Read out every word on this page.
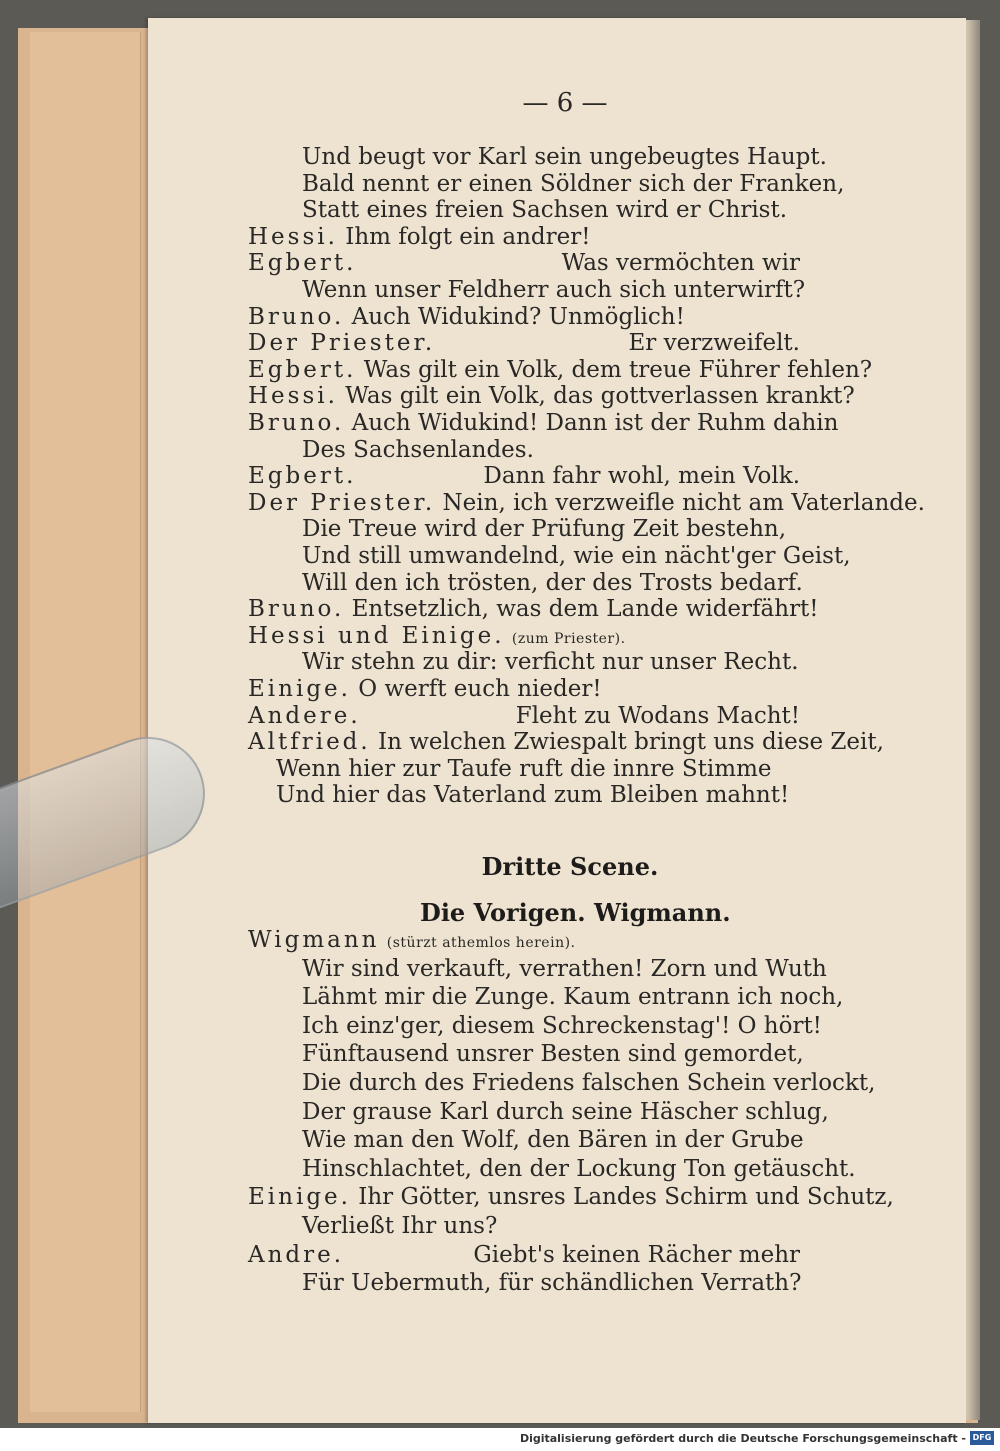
— 6 —
Und beugt vor Karl sein ungebeugtes Haupt.
Bald nennt er einen Söldner sich der Franken,
Statt eines freien Sachsen wird er Christ.
Hessi. Ihm folgt ein andrer!
Egbert.	Was vermöchten wir
Wenn unser Feldherr auch sich unterwirft?
Bruno. Auch Widukind? Unmöglich!
Der Priester.	Er verzweifelt.
Egbert. Was gilt ein Volk, dem treue Führer fehlen?
Hessi. Was gilt ein Volk, das gottverlassen krankt?
Bruno. Auch Widukind! Dann ist der Ruhm dahin
Des Sachsenlandes.
Egbert.	Dann fahr wohl, mein Volk.
Der Priester. Nein, ich verzweifle nicht am Vaterlande.
Die Treue wird der Prüfung Zeit bestehn,
Und still umwandelnd, wie ein nächt'ger Geist,
Will den ich trösten, der des Trosts bedarf.
Bruno. Entsetzlich, was dem Lande widerfährt!
Hessi und Einige. (zum Priester).
Wir stehn zu dir: verficht nur unser Recht.
Einige. O werft euch nieder!
Andere.	Fleht zu Wodans Macht!
Altfried. In welchen Zwiespalt bringt uns diese Zeit,
Wenn hier zur Taufe ruft die innre Stimme
Und hier das Vaterland zum Bleiben mahnt!
Dritte Scene.
Die Vorigen. Wigmann.
Wigmann (stürzt athemlos herein).
Wir sind verkauft, verrathen! Zorn und Wuth
Lähmt mir die Zunge. Kaum entrann ich noch,
Ich einz'ger, diesem Schreckenstag'! O hört!
Fünftausend unsrer Besten sind gemordet,
Die durch des Friedens falschen Schein verlockt,
Der grause Karl durch seine Häscher schlug,
Wie man den Wolf, den Bären in der Grube
Hinschlachtet, den der Lockung Ton getäuscht.
Einige. Ihr Götter, unsres Landes Schirm und Schutz,
Verließt Ihr uns?
Andre.	Giebt's keinen Rächer mehr
Für Uebermuth, für schändlichen Verrath?
Digitalisierung gefördert durch die Deutsche Forschungsgemeinschaft - DFG
